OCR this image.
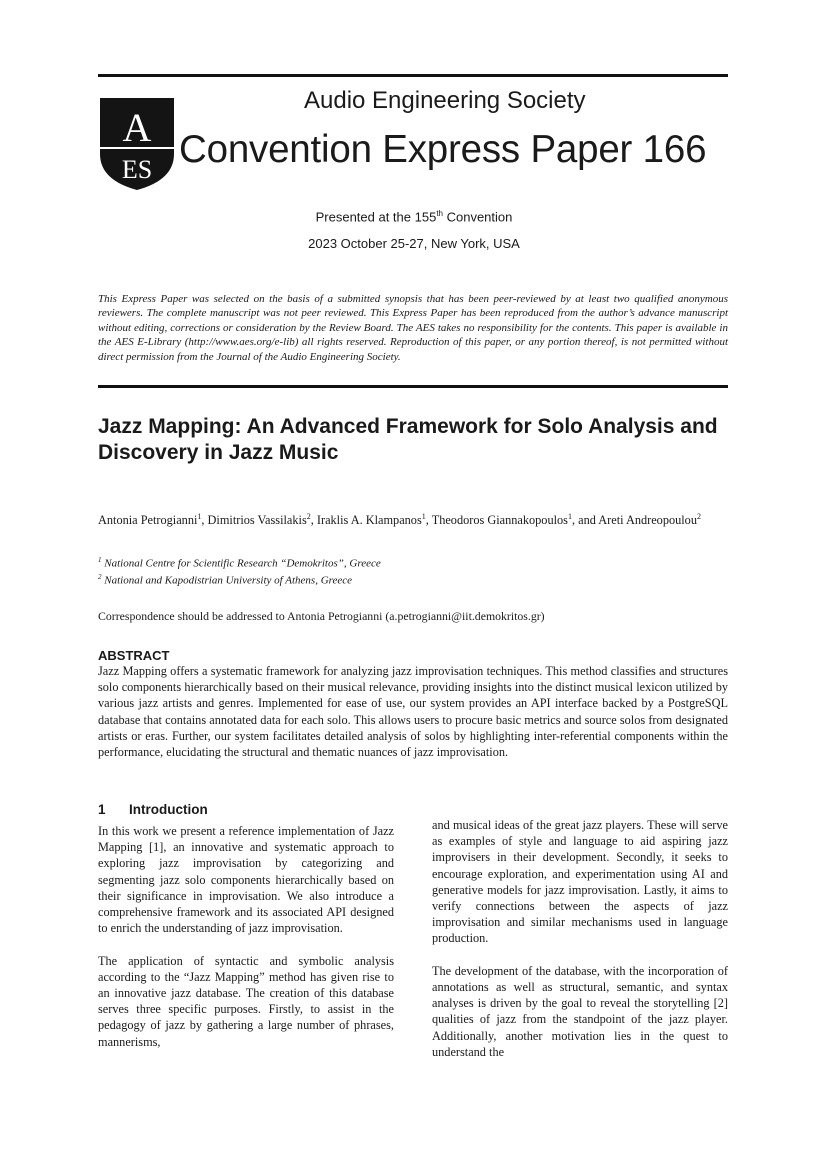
A
ES
Audio Engineering Society
Convention Express Paper 166
Presented at the 155th Convention
2023 October 25-27, New York, USA
This Express Paper was selected on the basis of a submitted synopsis that has been peer-reviewed by at least two qualified anonymous reviewers. The complete manuscript was not peer reviewed. This Express Paper has been reproduced from the author’s advance manuscript without editing, corrections or consideration by the Review Board. The AES takes no responsibility for the contents. This paper is available in the AES E-Library (http://www.aes.org/e-lib) all rights reserved. Reproduction of this paper, or any portion thereof, is not permitted without direct permission from the Journal of the Audio Engineering Society.
Jazz Mapping: An Advanced Framework for Solo Analysis and Discovery in Jazz Music
Antonia Petrogianni$^1$, Dimitrios Vassilakis$^2$, Iraklis A. Klampanos$^1$, Theodoros Giannakopoulos$^1$, and Areti Andreopoulou$^2$
$^1$ National Centre for Scientific Research “Demokritos”, Greece
$^2$ National and Kapodistrian University of Athens, Greece
Correspondence should be addressed to Antonia Petrogianni (a.petrogianni@iit.demokritos.gr)
ABSTRACT
Jazz Mapping offers a systematic framework for analyzing jazz improvisation techniques. This method classifies and structures solo components hierarchically based on their musical relevance, providing insights into the distinct musical lexicon utilized by various jazz artists and genres. Implemented for ease of use, our system provides an API interface backed by a PostgreSQL database that contains annotated data for each solo. This allows users to procure basic metrics and source solos from designated artists or eras. Further, our system facilitates detailed analysis of solos by highlighting inter-referential components within the performance, elucidating the structural and thematic nuances of jazz improvisation.
1 Introduction

In this work we present a reference implementation of Jazz Mapping [1], an innovative and systematic approach to exploring jazz improvisation by categorizing and segmenting jazz solo components hierarchically based on their significance in improvisation. We also introduce a comprehensive framework and its associated API designed to enrich the understanding of jazz improvisation.

The application of syntactic and symbolic analysis according to the “Jazz Mapping” method has given rise to an innovative jazz database. The creation of this database serves three specific purposes. Firstly, to assist in the pedagogy of jazz by gathering a large number of phrases, mannerisms,

and musical ideas of the great jazz players. These will serve as examples of style and language to aid aspiring jazz improvisers in their development. Secondly, it seeks to encourage exploration, and experimentation using AI and generative models for jazz improvisation. Lastly, it aims to verify connections between the aspects of jazz improvisation and similar mechanisms used in language production.

The development of the database, with the incorporation of annotations as well as structural, semantic, and syntax analyses is driven by the goal to reveal the storytelling [2] qualities of jazz from the standpoint of the jazz player. Additionally, another motivation lies in the quest to understand the
